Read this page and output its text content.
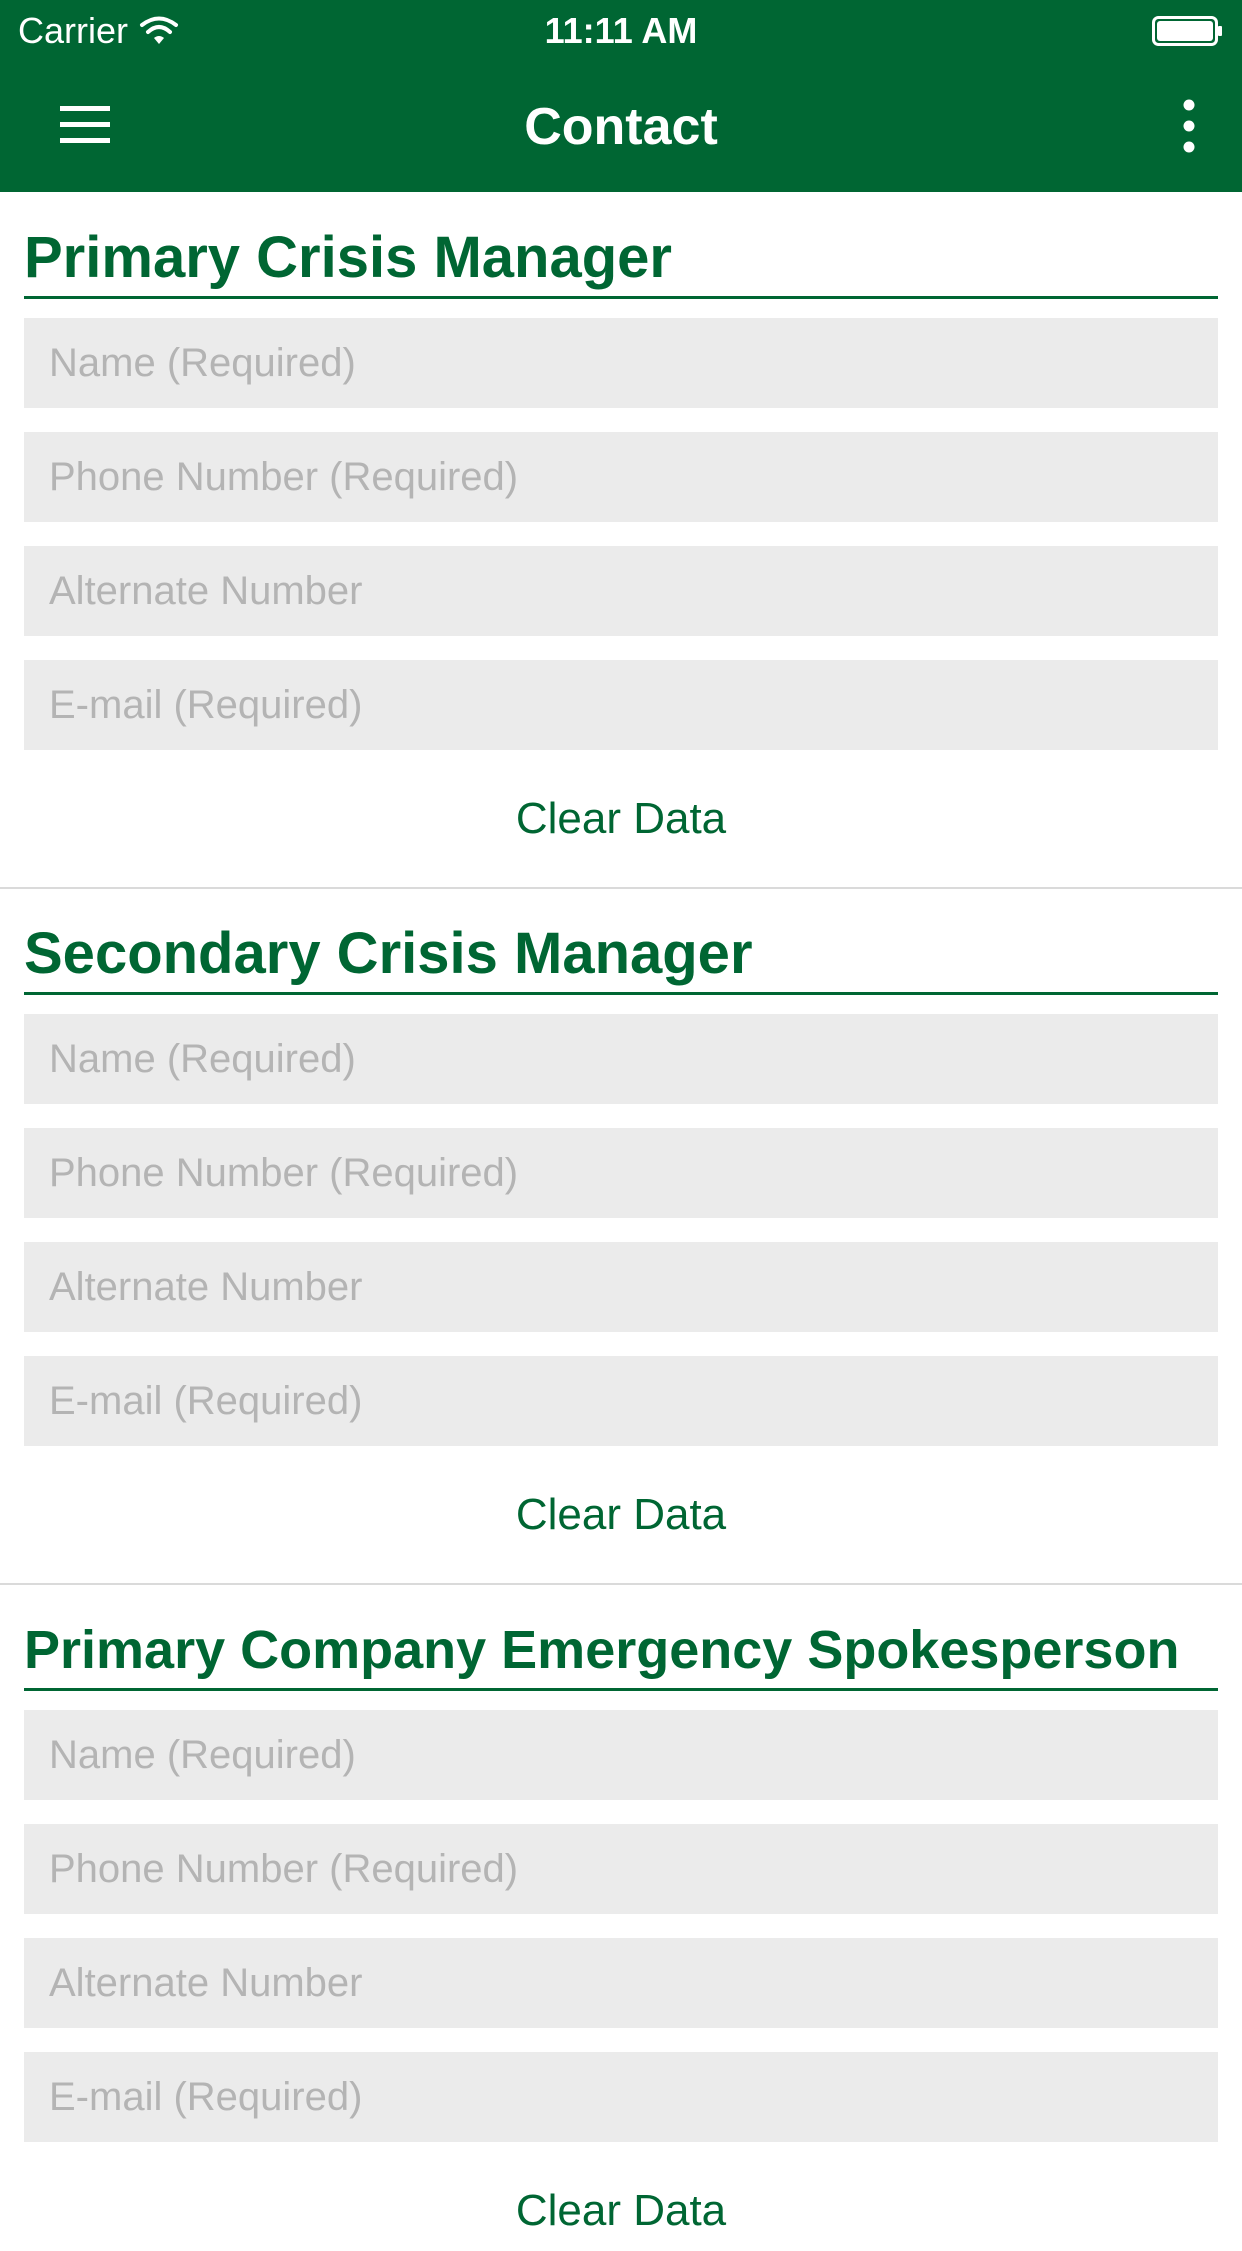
Carrier	11:11 AM
Contact
Primary Crisis Manager
Name (Required)
Phone Number (Required)
Alternate Number
E-mail (Required)
Clear Data
Secondary Crisis Manager
Name (Required)
Phone Number (Required)
Alternate Number
E-mail (Required)
Clear Data
Primary Company Emergency Spokesperson
Name (Required)
Phone Number (Required)
Alternate Number
E-mail (Required)
Clear Data
